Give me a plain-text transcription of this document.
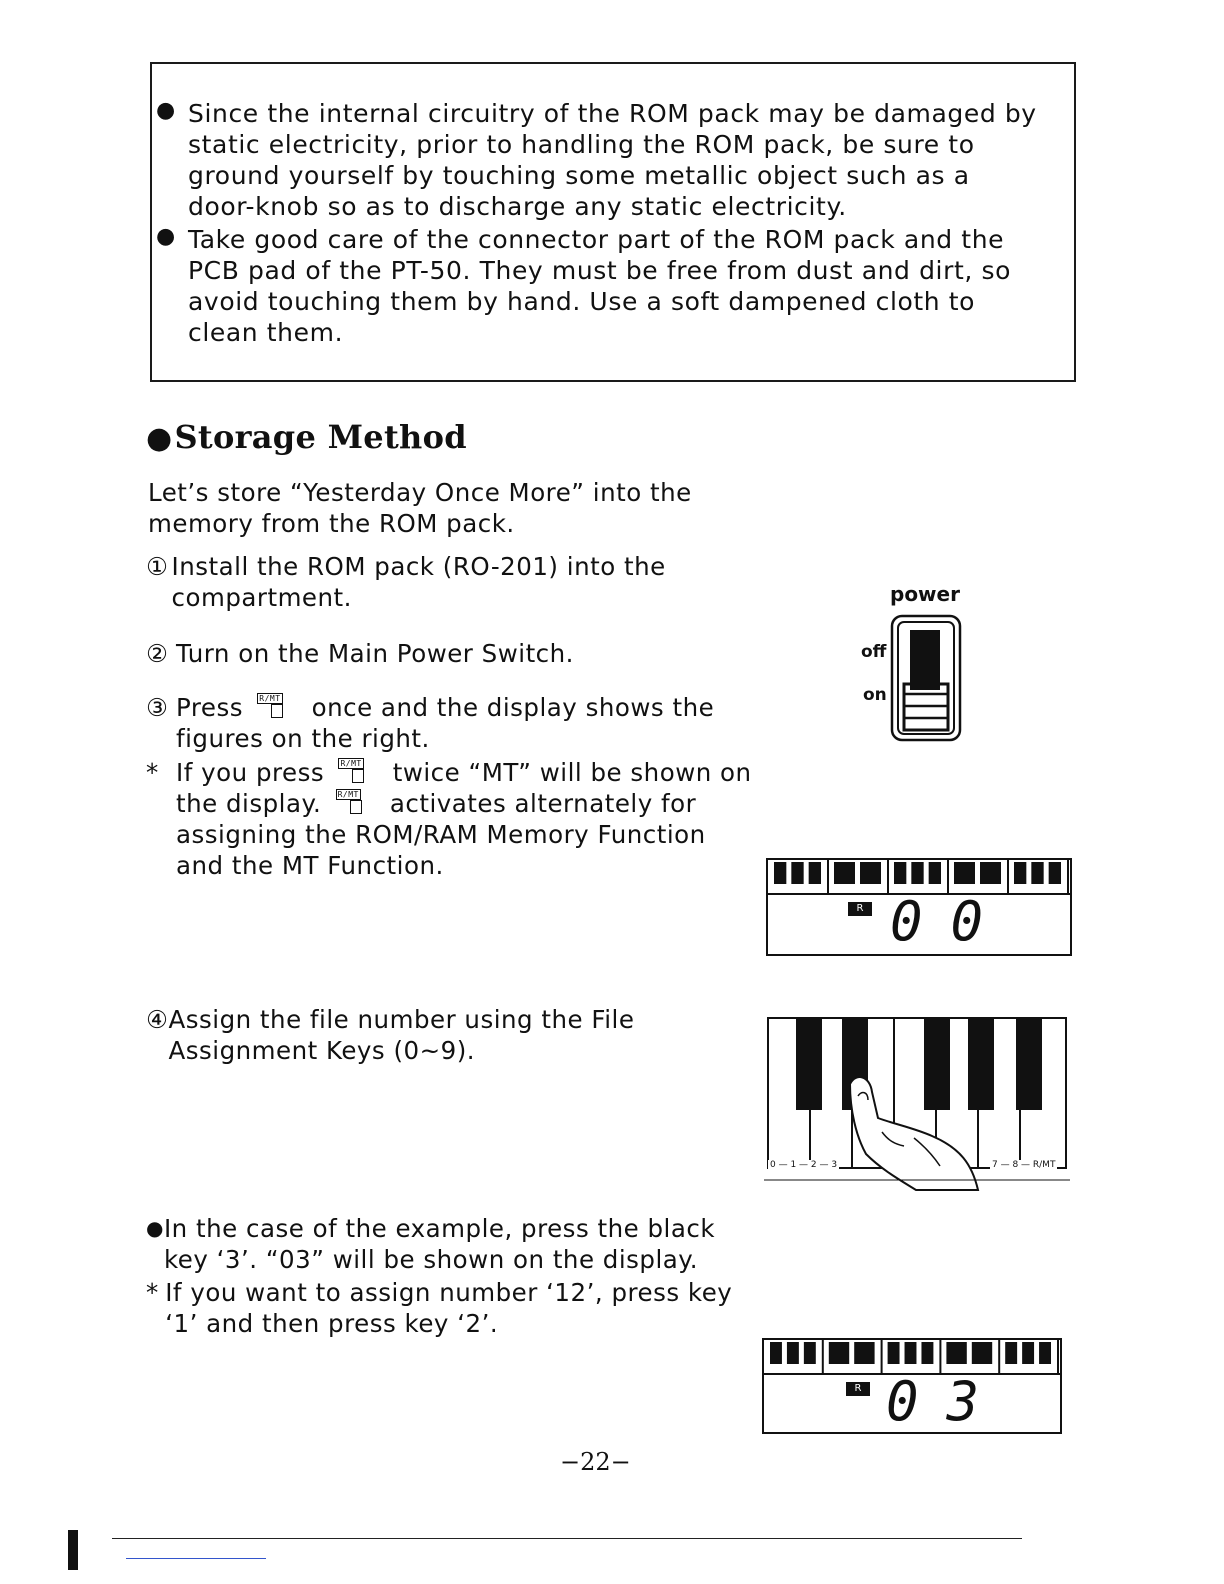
● Since the internal circuitry of the ROM pack may be damaged by static electricity, prior to handling the ROM pack, be sure to ground yourself by touching some metallic object such as a door-knob so as to discharge any static electricity.

● Take good care of the connector part of the ROM pack and the PCB pad of the PT-50. They must be free from dust and dirt, so avoid touching them by hand. Use a soft dampened cloth to clean them.

●Storage Method
Let’s store “Yesterday Once More” into the memory from the ROM pack.
① Install the ROM pack (RO-201) into the compartment.
② Turn on the Main Power Switch.
③ Press R/MT once and the display shows the figures on the right.
* If you press R/MT twice “MT” will be shown on the display. R/MT activates alternately for assigning the ROM/RAM Memory Function and the MT Function.
④ Assign the file number using the File Assignment Keys (0~9).
● In the case of the example, press the black key ‘3’. “03” will be shown on the display.
* If you want to assign number ‘12’, press key ‘1’ and then press key ‘2’.
power
off
on
R 00
0 — 1 — 2 — 3	7 — 8 — R/MT
R 03
−22−
